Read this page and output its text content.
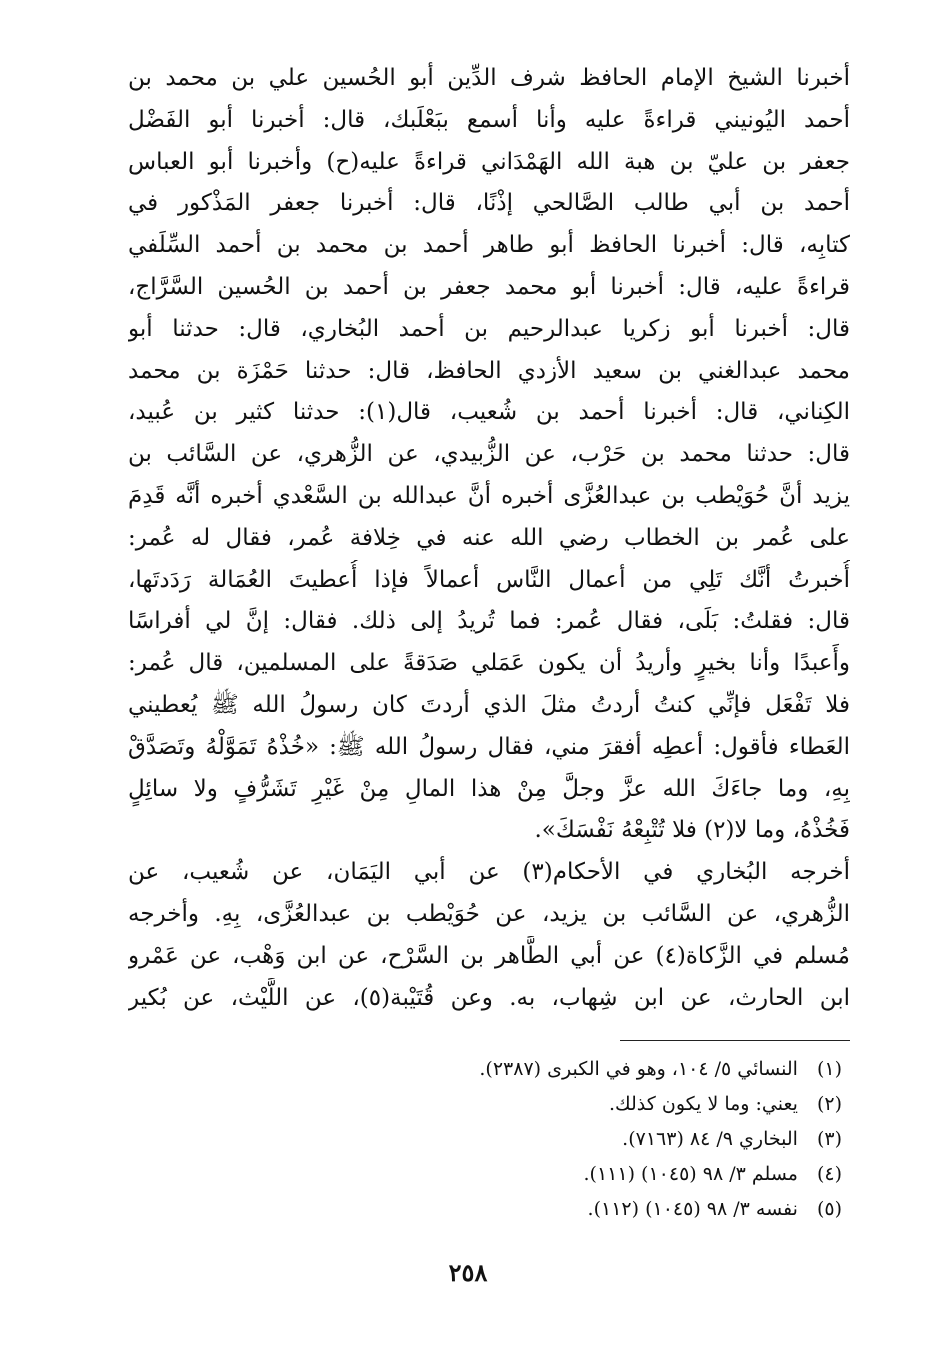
أخبرنا الشيخ الإمام الحافظ شرف الدِّين أبو الحُسين علي بن محمد بن
أحمد اليُونيني قراءةً عليه وأنا أسمع ببَعْلَبك، قال: أخبرنا أبو الفَضْل
جعفر بن عليّ بن هبة الله الهَمْدَاني قراءةً عليه(ح) وأخبرنا أبو العباس
أحمد بن أبي طالب الصَّالحي إذْنًا، قال: أخبرنا جعفر المَذْكور في
كتابِه، قال: أخبرنا الحافظ أبو طاهر أحمد بن محمد بن أحمد السِّلَفي
قراءةً عليه، قال: أخبرنا أبو محمد جعفر بن أحمد بن الحُسين السَّرَّاج،
قال: أخبرنا أبو زكريا عبدالرحيم بن أحمد البُخاري، قال: حدثنا أبو
محمد عبدالغني بن سعيد الأزدي الحافظ، قال: حدثنا حَمْزَة بن محمد
الكِناني، قال: أخبرنا أحمد بن شُعيب، قال(١): حدثنا كثير بن عُبيد،
قال: حدثنا محمد بن حَرْب، عن الزُّبيدي، عن الزُّهري، عن السَّائب بن
يزيد أنَّ حُوَيْطب بن عبدالعُزَّى أخبره أنَّ عبدالله بن السَّعْدي أخبره أنَّه قَدِمَ
على عُمر بن الخطاب رضي الله عنه في خِلافة عُمر، فقال له عُمر:
أُخبرتُ أنَّك تَلِي من أعمال النَّاس أعمالاً فإذا أُعطيتَ العُمَالة رَدَدتَها،
قال: فقلتُ: بَلَى، فقال عُمر: فما تُريدُ إلى ذلك. فقال: إنَّ لي أفراسًا
وأَعبدًا وأنا بخيرٍ وأريدُ أن يكون عَمَلي صَدَقةً على المسلمين، قال عُمر:
فلا تَفْعَل فإنِّي كنتُ أردتُ مثلَ الذي أردتَ كان رسولُ الله ﷺ يُعطيني
العَطاء فأقول: أعطِه أفقرَ مني، فقال رسولُ الله ﷺ: «خُذْهُ تَمَوَّلْهُ وتَصَدَّقْ
بِهِ، وما جاءَكَ الله عزَّ وجلَّ مِنْ هذا المالِ مِنْ غَيْرِ تَشَرُّفٍ ولا سائِلٍ
فَخُذْهُ، وما لا(٢) فلا تُتْبِعْهُ نَفْسَكَ».
أخرجه البُخاري في الأحكام(٣) عن أبي اليَمَان، عن شُعيب، عن
الزُّهري، عن السَّائب بن يزيد، عن حُوَيْطب بن عبدالعُزَّى، بِهِ. وأخرجه
مُسلم في الزَّكاة(٤) عن أبي الطَّاهر بن السَّرْح، عن ابن وَهْب، عن عَمْرو
ابن الحارث، عن ابن شِهاب، به. وعن قُتَيْبة(٥)، عن اللَّيْث، عن بُكير
(١) النسائي ٥/ ١٠٤، وهو في الكبرى (٢٣٨٧).
(٢) يعني: وما لا يكون كذلك.
(٣) البخاري ٩/ ٨٤ (٧١٦٣).
(٤) مسلم ٣/ ٩٨ (١٠٤٥) (١١١).
(٥) نفسه ٣/ ٩٨ (١٠٤٥) (١١٢).
٢٥٨
